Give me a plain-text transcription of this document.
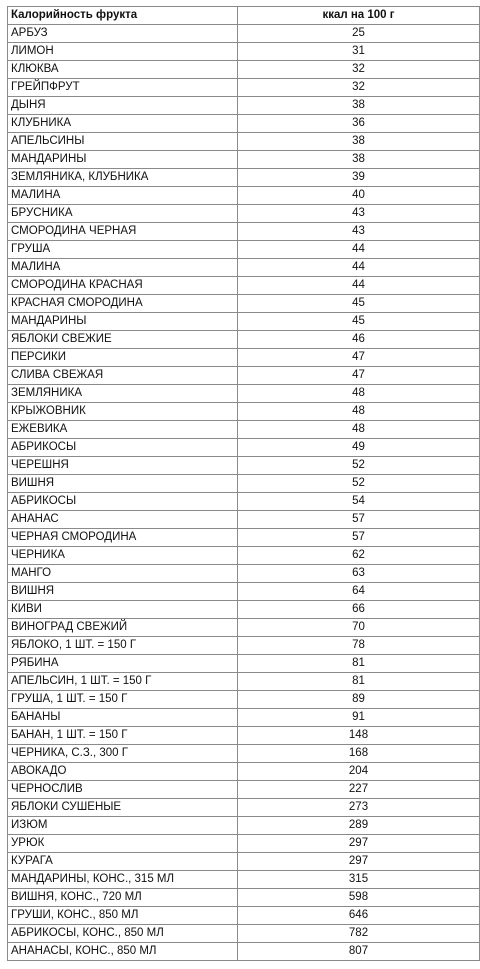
Калорийность фрукта	ккал на 100 г
АРБУЗ	25
ЛИМОН	31
КЛЮКВА	32
ГРЕЙПФРУТ	32
ДЫНЯ	38
КЛУБНИКА	36
АПЕЛЬСИНЫ	38
МАНДАРИНЫ	38
ЗЕМЛЯНИКА, КЛУБНИКА	39
МАЛИНА	40
БРУСНИКА	43
СМОРОДИНА ЧЕРНАЯ	43
ГРУША	44
МАЛИНА	44
СМОРОДИНА КРАСНАЯ	44
КРАСНАЯ СМОРОДИНА	45
МАНДАРИНЫ	45
ЯБЛОКИ СВЕЖИЕ	46
ПЕРСИКИ	47
СЛИВА СВЕЖАЯ	47
ЗЕМЛЯНИКА	48
КРЫЖОВНИК	48
ЕЖЕВИКА	48
АБРИКОСЫ	49
ЧЕРЕШНЯ	52
ВИШНЯ	52
АБРИКОСЫ	54
АНАНАС	57
ЧЕРНАЯ СМОРОДИНА	57
ЧЕРНИКА	62
МАНГО	63
ВИШНЯ	64
КИВИ	66
ВИНОГРАД СВЕЖИЙ	70
ЯБЛОКО, 1 ШТ. = 150 Г	78
РЯБИНА	81
АПЕЛЬСИН, 1 ШТ. = 150 Г	81
ГРУША, 1 ШТ. = 150 Г	89
БАНАНЫ	91
БАНАН, 1 ШТ. = 150 Г	148
ЧЕРНИКА, С.З., 300 Г	168
АВОКАДО	204
ЧЕРНОСЛИВ	227
ЯБЛОКИ СУШЕНЫЕ	273
ИЗЮМ	289
УРЮК	297
КУРАГА	297
МАНДАРИНЫ, КОНС., 315 МЛ	315
ВИШНЯ, КОНС., 720 МЛ	598
ГРУШИ, КОНС., 850 МЛ	646
АБРИКОСЫ, КОНС., 850 МЛ	782
АНАНАСЫ, КОНС., 850 МЛ	807
